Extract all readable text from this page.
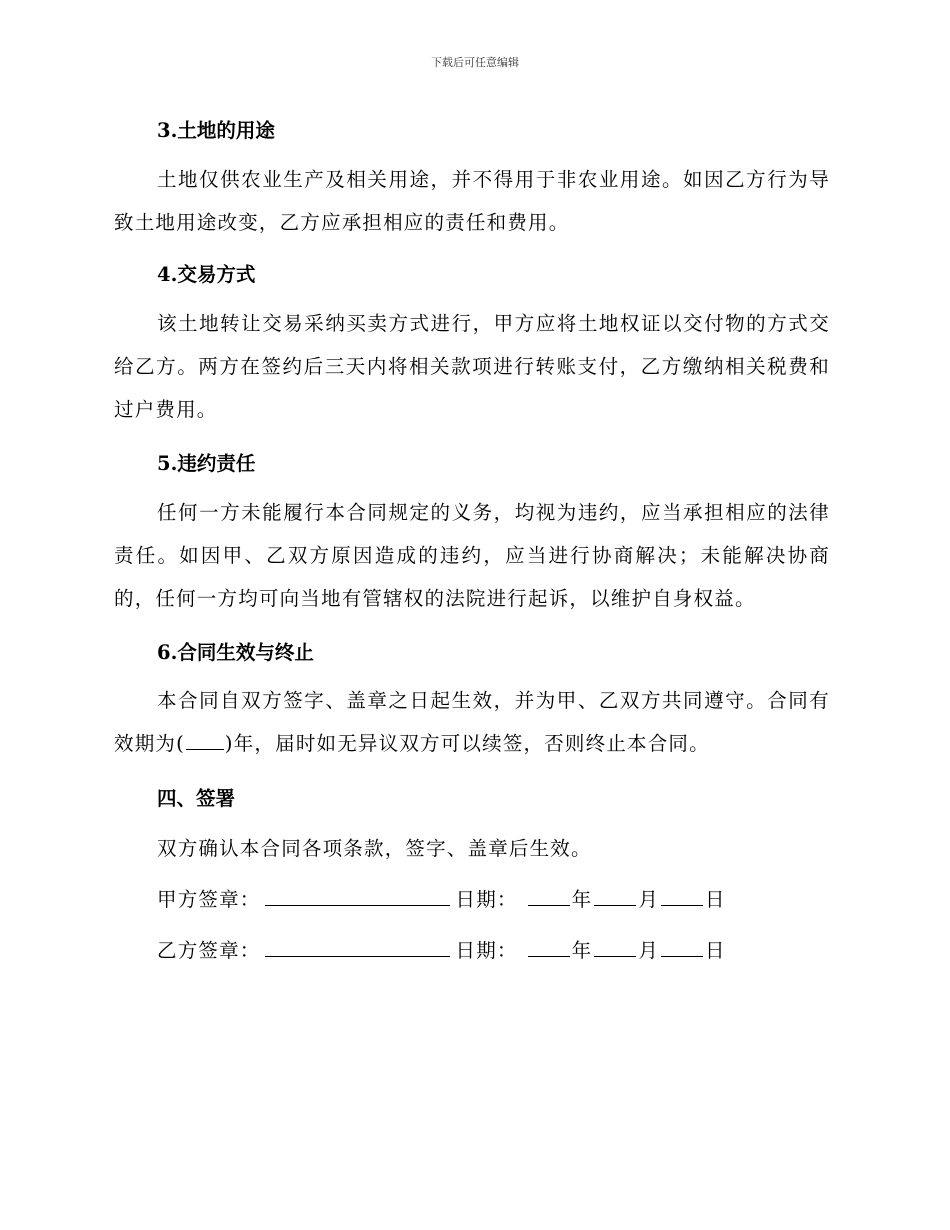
下载后可任意编辑
3.土地的用途
土地仅供农业生产及相关用途，并不得用于非农业用途。如因乙方行为导致土地用途改变，乙方应承担相应的责任和费用。
4.交易方式
该土地转让交易采纳买卖方式进行，甲方应将土地权证以交付物的方式交给乙方。两方在签约后三天内将相关款项进行转账支付，乙方缴纳相关税费和过户费用。
5.违约责任
任何一方未能履行本合同规定的义务，均视为违约，应当承担相应的法律责任。如因甲、乙双方原因造成的违约，应当进行协商解决；未能解决协商的，任何一方均可向当地有管辖权的法院进行起诉，以维护自身权益。
6.合同生效与终止
本合同自双方签字、盖章之日起生效，并为甲、乙双方共同遵守。合同有效期为( )年，届时如无异议双方可以续签，否则终止本合同。
四、签署
双方确认本合同各项条款，签字、盖章后生效。
甲方签章：	日期：	年 月 日
乙方签章：	日期：	年 月 日
